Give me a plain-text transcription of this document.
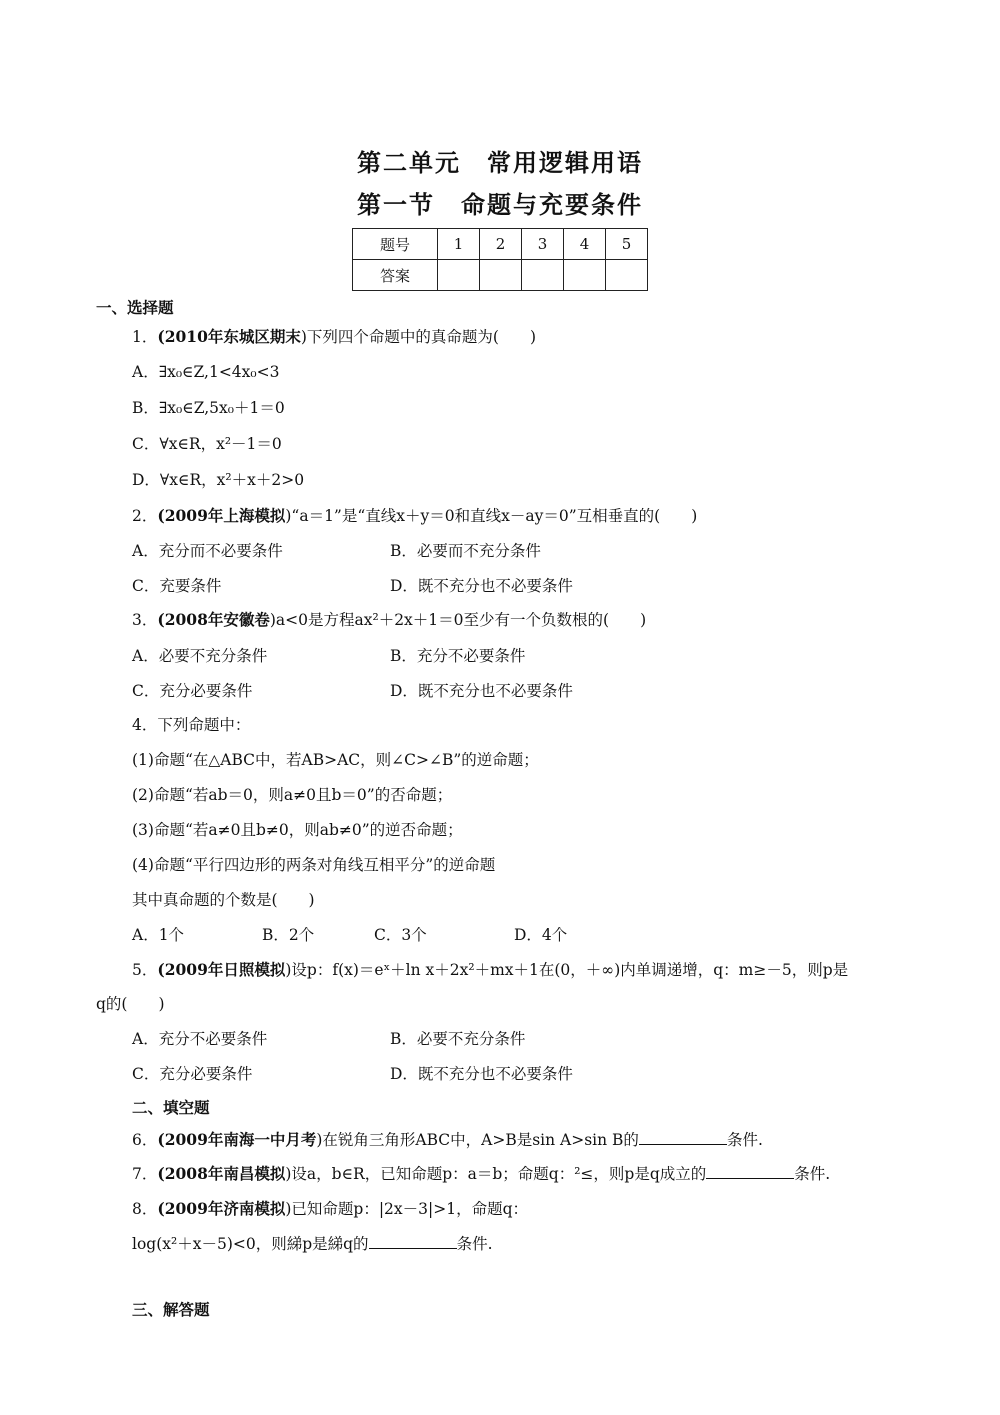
第二单元　常用逻辑用语
第一节　命题与充要条件
题号	1	2	3	4	5
答案					
一、选择题
1．(2010年东城区期末)下列四个命题中的真命题为(　　)
A．∃x₀∈Z,1<4x₀<3
B．∃x₀∈Z,5x₀＋1＝0
C．∀x∈R，x²－1＝0
D．∀x∈R，x²＋x＋2>0
2．(2009年上海模拟)“a＝1”是“直线x＋y＝0和直线x－ay＝0”互相垂直的(　　)
A．充分而不必要条件	B．必要而不充分条件
C．充要条件	D．既不充分也不必要条件
3．(2008年安徽卷)a<0是方程ax²＋2x＋1＝0至少有一个负数根的(　　)
A．必要不充分条件	B．充分不必要条件
C．充分必要条件	D．既不充分也不必要条件
4．下列命题中：
(1)命题“在△ABC中，若AB>AC，则∠C>∠B”的逆命题；
(2)命题“若ab＝0，则a≠0且b＝0”的否命题；
(3)命题“若a≠0且b≠0，则ab≠0”的逆否命题；
(4)命题“平行四边形的两条对角线互相平分”的逆命题
其中真命题的个数是(　　)
A．1个	B．2个	C．3个	D．4个
5．(2009年日照模拟)设p：f(x)＝eˣ＋ln x＋2x²＋mx＋1在(0，＋∞)内单调递增，q：m≥－5，则p是
q的(　　)
A．充分不必要条件	B．必要不充分条件
C．充分必要条件	D．既不充分也不必要条件
二、填空题
6．(2009年南海一中月考)在锐角三角形ABC中，A>B是sin A>sin B的	条件.
7．(2008年南昌模拟)设a，b∈R，已知命题p：a＝b；命题q：²≤，则p是q成立的	条件.
8．(2009年济南模拟)已知命题p：|2x－3|>1，命题q：
log(x²＋x－5)<0，则綈p是綈q的	条件.
三、解答题
